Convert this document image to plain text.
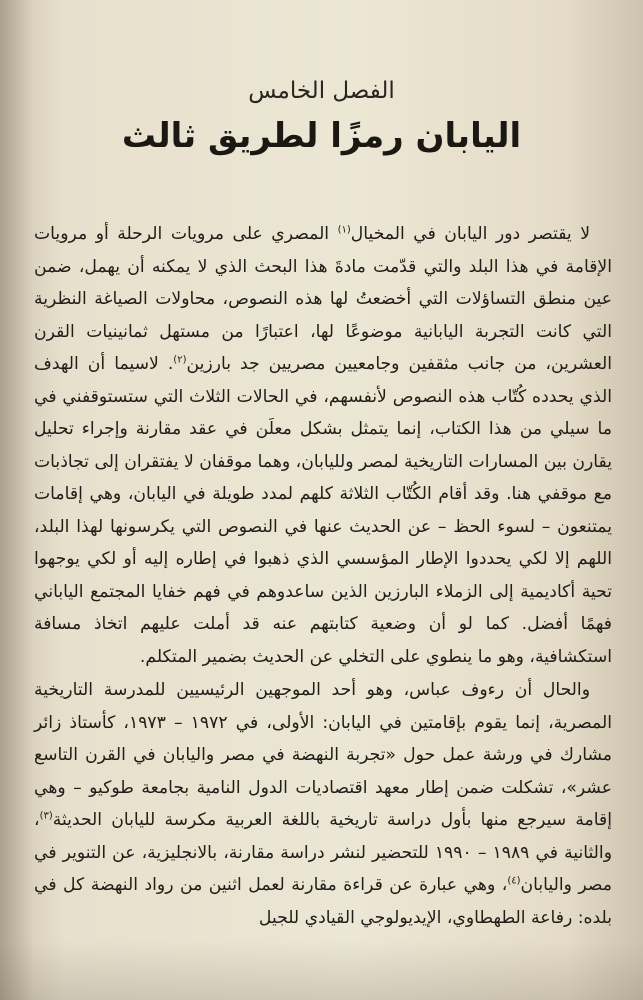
الفصل الخامس
اليابان رمزًا لطريق ثالث

لا يقتصر دور اليابان في المخيال$^{(١)}$ المصري على مرويات الرحلة أو مرويات الإقامة في هذا البلد والتي قدّمت مادةَ هذا البحث الذي لا يمكنه أن يهمل، ضمن عين منطق التساؤلات التي أخضعتُ لها هذه النصوص، محاولات الصياغة النظرية التي كانت التجربة اليابانية موضوعًا لها، اعتبارًا من مستهل ثمانينيات القرن العشرين، من جانب مثقفين وجامعيين مصريين جد بارزين$^{(٢)}$. لاسيما أن الهدف الذي يحدده كُتّاب هذه النصوص لأنفسهم، في الحالات الثلاث التي ستستوقفني في ما سيلي من هذا الكتاب، إنما يتمثل بشكل معلَن في عقد مقارنة وإجراء تحليل يقارن بين المسارات التاريخية لمصر ولليابان، وهما موقفان لا يفتقران إلى تجاذبات مع موقفي هنا. وقد أقام الكُتّاب الثلاثة كلهم لمدد طويلة في اليابان، وهي إقامات يمتنعون – لسوء الحظ – عن الحديث عنها في النصوص التي يكرسونها لهذا البلد، اللهم إلا لكي يحددوا الإطار المؤسسي الذي ذهبوا في إطاره إليه أو لكي يوجهوا تحية أكاديمية إلى الزملاء البارزين الذين ساعدوهم في فهم خفايا المجتمع الياباني فهمًا أفضل. كما لو أن وضعية كتابتهم عنه قد أملت عليهم اتخاذ مسافة استكشافية، وهو ما ينطوي على التخلي عن الحديث بضمير المتكلم.

والحال أن رءوف عباس، وهو أحد الموجهين الرئيسيين للمدرسة التاريخية المصرية، إنما يقوم بإقامتين في اليابان: الأولى، في ١٩٧٢ – ١٩٧٣، كأستاذ زائر مشارك في ورشة عمل حول «تجربة النهضة في مصر واليابان في القرن التاسع عشر»، تشكلت ضمن إطار معهد اقتصاديات الدول النامية بجامعة طوكيو – وهي إقامة سيرجع منها بأول دراسة تاريخية باللغة العربية مكرسة لليابان الحديثة$^{(٣)}$، والثانية في ١٩٨٩ – ١٩٩٠ للتحضير لنشر دراسة مقارنة، بالانجليزية، عن التنوير في مصر واليابان$^{(٤)}$، وهي عبارة عن قراءة مقارنة لعمل اثنين من رواد النهضة كل في بلده: رفاعة الطهطاوي، الإيديولوجي القيادي للجيل
